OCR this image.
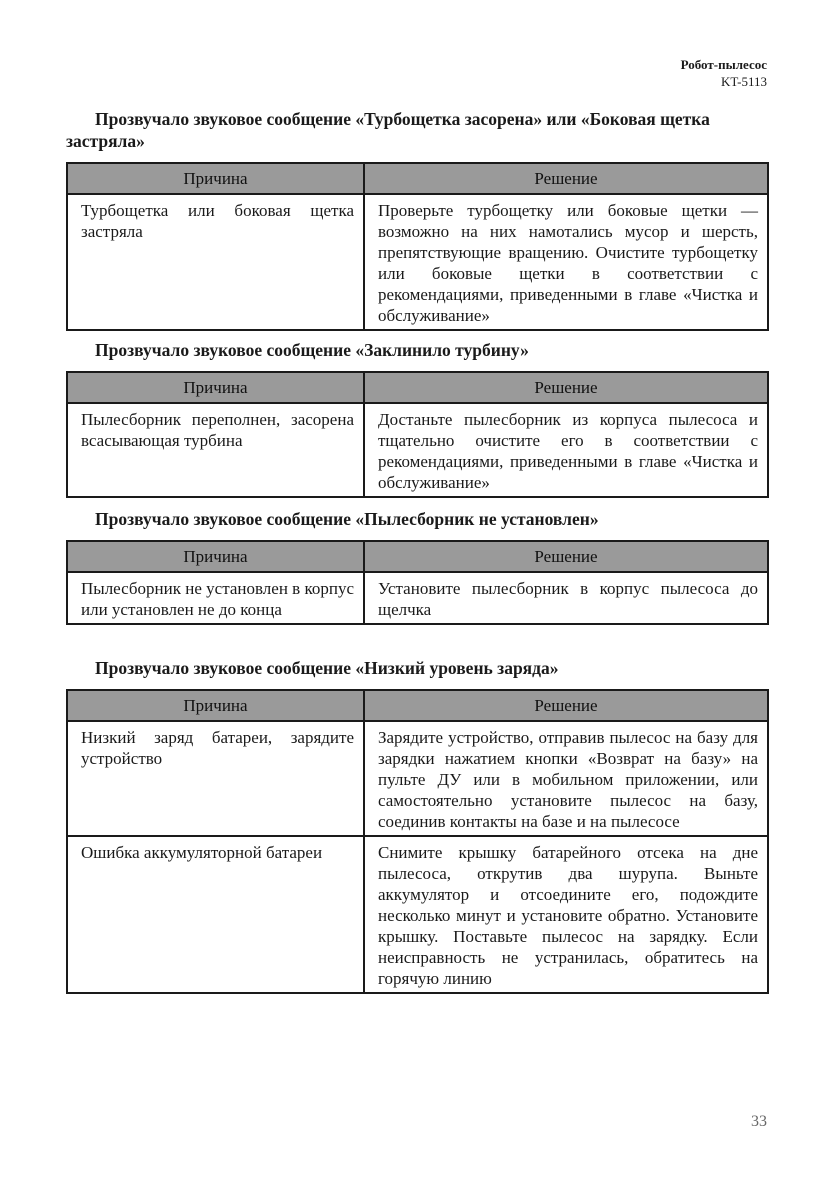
Робот-пылесос
KT-5113
Прозвучало звуковое сообщение «Турбощетка засорена» или «Боковая щетка застряла»
Причина	Решение
Турбощетка или боковая щетка застряла	Проверьте турбощетку или боковые щетки — возможно на них намотались мусор и шерсть, препятствующие вращению. Очистите турбощетку или боковые щетки в соответствии с рекомендациями, приведенными в главе «Чистка и обслуживание»
Прозвучало звуковое сообщение «Заклинило турбину»
Причина	Решение
Пылесборник переполнен, засорена всасывающая турбина	Достаньте пылесборник из корпуса пылесоса и тщательно очистите его в соответствии с рекомендациями, приведенными в главе «Чистка и обслуживание»
Прозвучало звуковое сообщение «Пылесборник не установлен»
Причина	Решение
Пылесборник не установлен в корпус или установлен не до конца	Установите пылесборник в корпус пылесоса до щелчка
Прозвучало звуковое сообщение «Низкий уровень заряда»
Причина	Решение
Низкий заряд батареи, зарядите устройство	Зарядите устройство, отправив пылесос на базу для зарядки нажатием кнопки «Возврат на базу» на пульте ДУ или в мобильном приложении, или самостоятельно установите пылесос на базу, соединив контакты на базе и на пылесосе
Ошибка аккумуляторной батареи	Снимите крышку батарейного отсека на дне пылесоса, открутив два шурупа. Выньте аккумулятор и отсоедините его, подождите несколько минут и установите обратно. Установите крышку. Поставьте пылесос на зарядку. Если неисправность не устранилась, обратитесь на горячую линию
33
